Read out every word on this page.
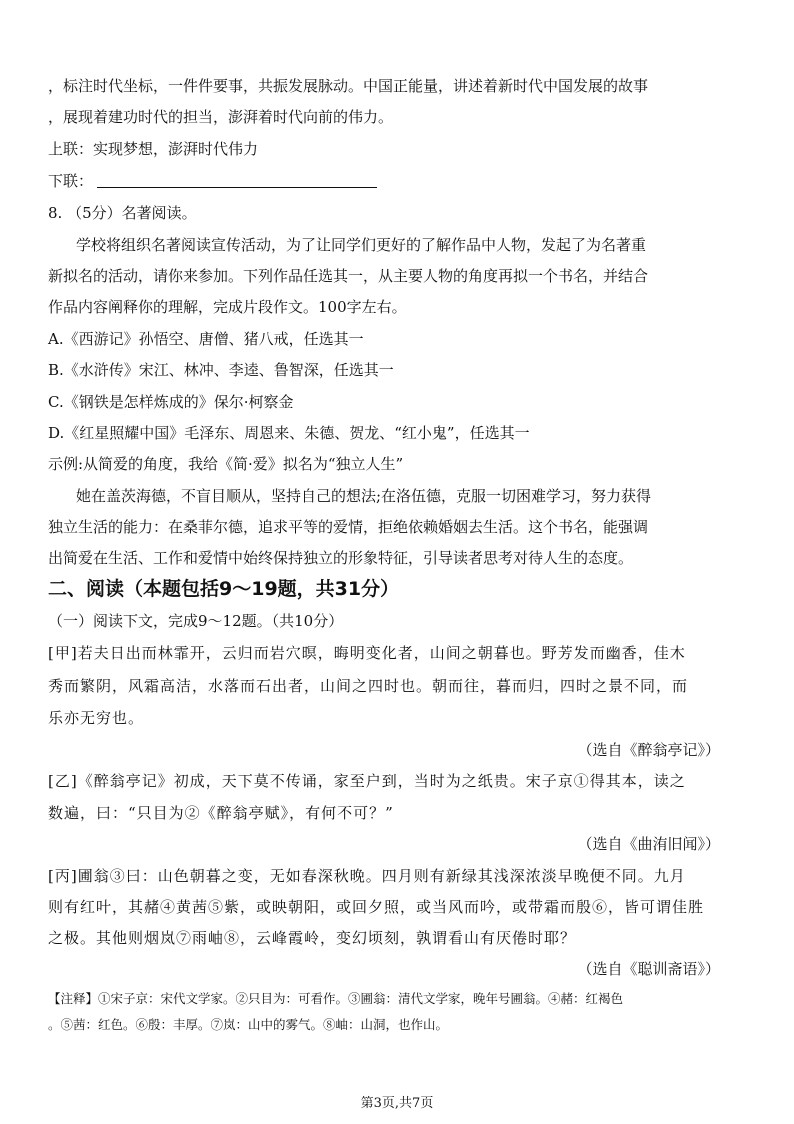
，标注时代坐标，一件件要事，共振发展脉动。中国正能量，讲述着新时代中国发展的故事
，展现着建功时代的担当，澎湃着时代向前的伟力。
上联：实现梦想，澎湃时代伟力
下联：
8. （5分）名著阅读。
学校将组织名著阅读宣传活动，为了让同学们更好的了解作品中人物，发起了为名著重
新拟名的活动，请你来参加。下列作品任选其一，从主要人物的角度再拟一个书名，并结合
作品内容阐释你的理解，完成片段作文。100字左右。
A.《西游记》孙悟空、唐僧、猪八戒，任选其一
B.《水浒传》宋江、林冲、李逵、鲁智深，任选其一
C.《钢铁是怎样炼成的》保尔·柯察金
D.《红星照耀中国》毛泽东、周恩来、朱德、贺龙、“红小鬼”，任选其一
示例:从简爱的角度，我给《简·爱》拟名为“独立人生”
她在盖茨海德，不盲目顺从，坚持自己的想法;在洛伍德，克服一切困难学习，努力获得
独立生活的能力：在桑菲尔德，追求平等的爱情，拒绝依赖婚姻去生活。这个书名，能强调
出简爱在生活、工作和爱情中始终保持独立的形象特征，引导读者思考对待人生的态度。
二、阅读（本题包括9～19题，共31分）
（一）阅读下文，完成9～12题。（共10分）
[甲]若夫日出而林霏开，云归而岩穴暝，晦明变化者，山间之朝暮也。野芳发而幽香，佳木
秀而繁阴，风霜高洁，水落而石出者，山间之四时也。朝而往，暮而归，四时之景不同，而
乐亦无穷也。
（选自《醉翁亭记》）
[乙]《醉翁亭记》初成，天下莫不传诵，家至户到，当时为之纸贵。宋子京①得其本，读之
数遍，曰：“只目为②《醉翁亭赋》，有何不可？”
（选自《曲洧旧闻》）
[丙]圃翁③曰：山色朝暮之变，无如春深秋晚。四月则有新绿其浅深浓淡早晚便不同。九月
则有红叶，其赭④黄茜⑤紫，或映朝阳，或回夕照，或当风而吟，或带霜而殷⑥，皆可谓佳胜
之极。其他则烟岚⑦雨岫⑧，云峰霞岭，变幻顷刻，孰谓看山有厌倦时耶？
（选自《聪训斋语》）
【注释】①宋子京：宋代文学家。②只目为：可看作。③圃翁：清代文学家，晚年号圃翁。④赭：红褐色
。⑤茜：红色。⑥殷：丰厚。⑦岚：山中的雾气。⑧岫：山洞，也作山。
第3页,共7页
